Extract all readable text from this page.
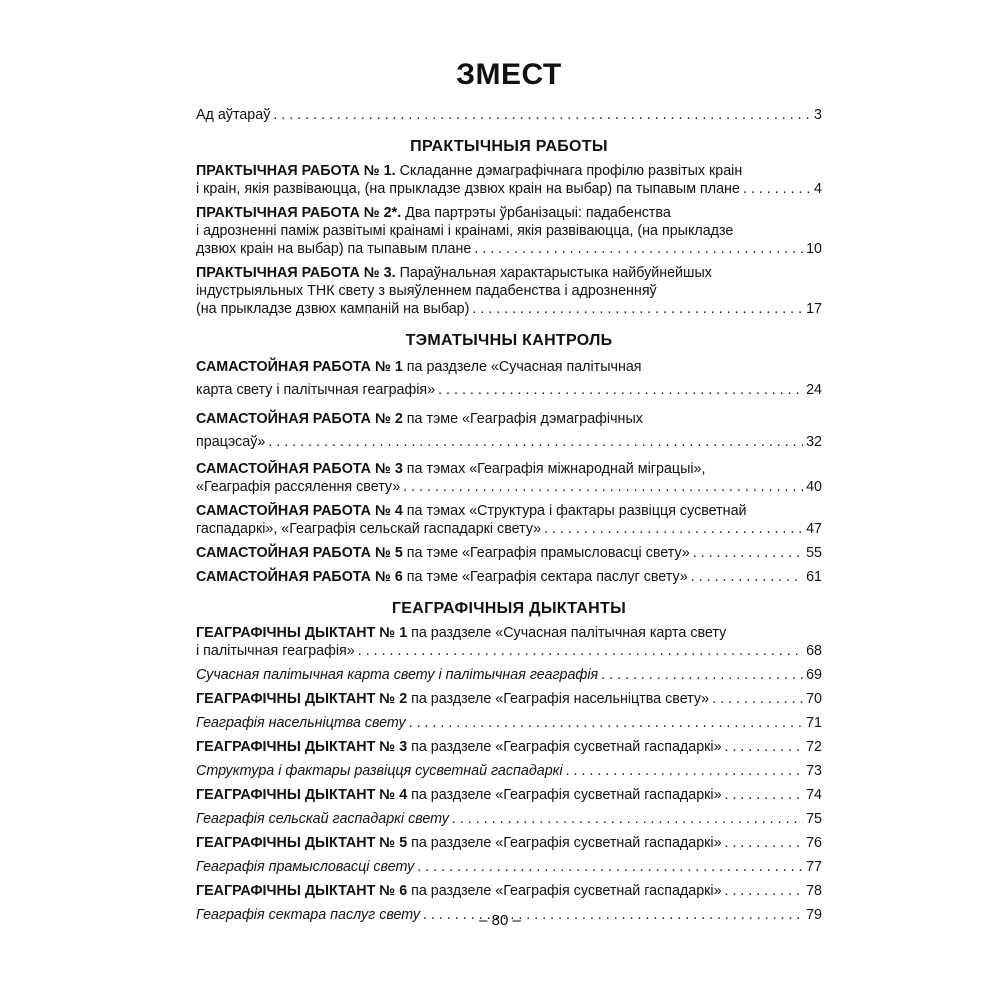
ЗМЕСТ
Ад аўтараў . . .	3
ПРАКТЫЧНЫЯ РАБОТЫ
ПРАКТЫЧНАЯ РАБОТА № 1. Складанне дэмаграфічнага профілю развітых краін
і краін, якія развіваюцца, (на прыкладзе дзвюх краін на выбар) па тыпавым плане . . .	4
ПРАКТЫЧНАЯ РАБОТА № 2*. Два партрэты ўрбанізацыі: падабенства
і адрозненні паміж развітымі краінамі і краінамі, якія развіваюцца, (на прыкладзе
дзвюх краін на выбар) па тыпавым плане . . .	10
ПРАКТЫЧНАЯ РАБОТА № 3. Параўнальная характарыстыка найбуйнейшых
індустрыяльных ТНК свету з выяўленнем падабенства і адрозненняў
(на прыкладзе дзвюх кампаній на выбар) . . .	17
ТЭМАТЫЧНЫ КАНТРОЛЬ
САМАСТОЙНАЯ РАБОТА № 1 па раздзеле «Сучасная палітычная
карта свету і палітычная геаграфія» . . .	24
САМАСТОЙНАЯ РАБОТА № 2 па тэме «Геаграфія дэмаграфічных
працэсаў» . . .	32
САМАСТОЙНАЯ РАБОТА № 3 па тэмах «Геаграфія міжнароднай міграцыі»,
«Геаграфія рассялення свету» . . .	40
САМАСТОЙНАЯ РАБОТА № 4 па тэмах «Структура і фактары развіцця сусветнай
гаспадаркі», «Геаграфія сельскай гаспадаркі свету» . . .	47
САМАСТОЙНАЯ РАБОТА № 5 па тэме «Геаграфія прамысловасці свету» . . .	55
САМАСТОЙНАЯ РАБОТА № 6 па тэме «Геаграфія сектара паслуг свету» . . .	61
ГЕАГРАФІЧНЫЯ ДЫКТАНТЫ
ГЕАГРАФІЧНЫ ДЫКТАНТ № 1 па раздзеле «Сучасная палітычная карта свету
і палітычная геаграфія» . . .	68
Сучасная палітычная карта свету і палітычная геаграфія . . .	69
ГЕАГРАФІЧНЫ ДЫКТАНТ № 2 па раздзеле «Геаграфія насельніцтва свету» . . .	70
Геаграфія насельніцтва свету . . .	71
ГЕАГРАФІЧНЫ ДЫКТАНТ № 3 па раздзеле «Геаграфія сусветнай гаспадаркі» . . .	72
Структура і фактары развіцця сусветнай гаспадаркі . . .	73
ГЕАГРАФІЧНЫ ДЫКТАНТ № 4 па раздзеле «Геаграфія сусветнай гаспадаркі» . . .	74
Геаграфія сельскай гаспадаркі свету . . .	75
ГЕАГРАФІЧНЫ ДЫКТАНТ № 5 па раздзеле «Геаграфія сусветнай гаспадаркі» . . .	76
Геаграфія прамысловасці свету . . .	77
ГЕАГРАФІЧНЫ ДЫКТАНТ № 6 па раздзеле «Геаграфія сусветнай гаспадаркі» . . .	78
Геаграфія сектара паслуг свету . . .	79
– 80 –
